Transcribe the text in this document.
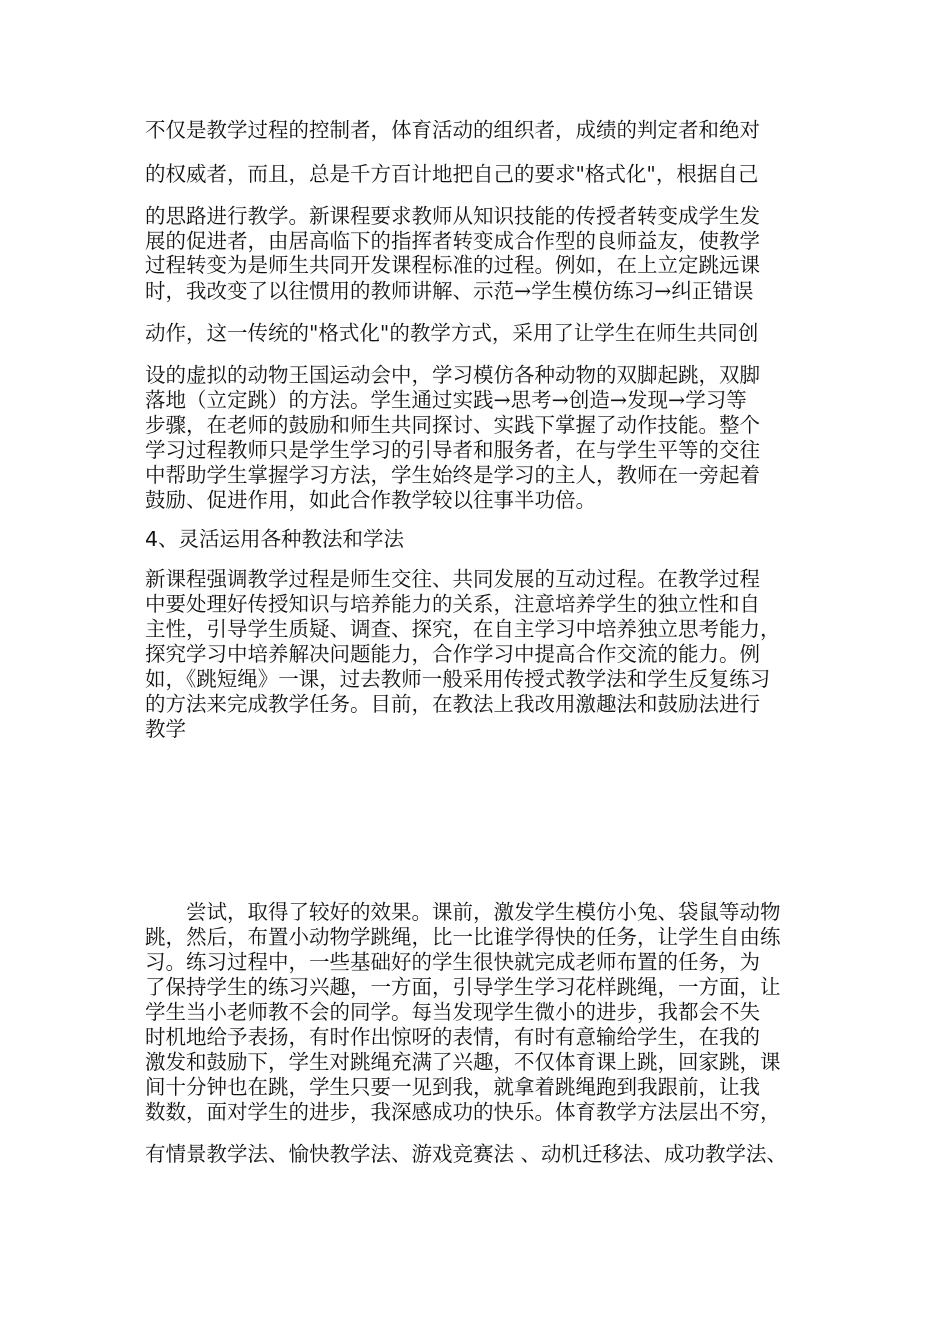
不仅是教学过程的控制者，体育活动的组织者，成绩的判定者和绝对
的权威者，而且，总是千方百计地把自己的要求"格式化"，根据自己
的思路进行教学。新课程要求教师从知识技能的传授者转变成学生发
展的促进者，由居高临下的指挥者转变成合作型的良师益友，使教学
过程转变为是师生共同开发课程标准的过程。例如，在上立定跳远课
时，我改变了以往惯用的教师讲解、示范→学生模仿练习→纠正错误
动作，这一传统的"格式化"的教学方式，采用了让学生在师生共同创
设的虚拟的动物王国运动会中，学习模仿各种动物的双脚起跳，双脚
落地（立定跳）的方法。学生通过实践→思考→创造→发现→学习等
步骤，在老师的鼓励和师生共同探讨、实践下掌握了动作技能。整个
学习过程教师只是学生学习的引导者和服务者，在与学生平等的交往
中帮助学生掌握学习方法，学生始终是学习的主人，教师在一旁起着
鼓励、促进作用，如此合作教学较以往事半功倍。
4、灵活运用各种教法和学法
新课程强调教学过程是师生交往、共同发展的互动过程。在教学过程
中要处理好传授知识与培养能力的关系，注意培养学生的独立性和自
主性，引导学生质疑、调查、探究，在自主学习中培养独立思考能力，
探究学习中培养解决问题能力，合作学习中提高合作交流的能力。例
如，《跳短绳》一课，过去教师一般采用传授式教学法和学生反复练习
的方法来完成教学任务。目前，在教法上我改用激趣法和鼓励法进行
教学
　　尝试，取得了较好的效果。课前，激发学生模仿小兔、袋鼠等动物
跳，然后，布置小动物学跳绳，比一比谁学得快的任务，让学生自由练
习。练习过程中，一些基础好的学生很快就完成老师布置的任务，为
了保持学生的练习兴趣，一方面，引导学生学习花样跳绳，一方面，让
学生当小老师教不会的同学。每当发现学生微小的进步，我都会不失
时机地给予表扬，有时作出惊呀的表情，有时有意输给学生，在我的
激发和鼓励下，学生对跳绳充满了兴趣，不仅体育课上跳，回家跳，课
间十分钟也在跳，学生只要一见到我，就拿着跳绳跑到我跟前，让我
数数，面对学生的进步，我深感成功的快乐。体育教学方法层出不穷，
有情景教学法、愉快教学法、游戏竞赛法 、动机迁移法、成功教学法、
